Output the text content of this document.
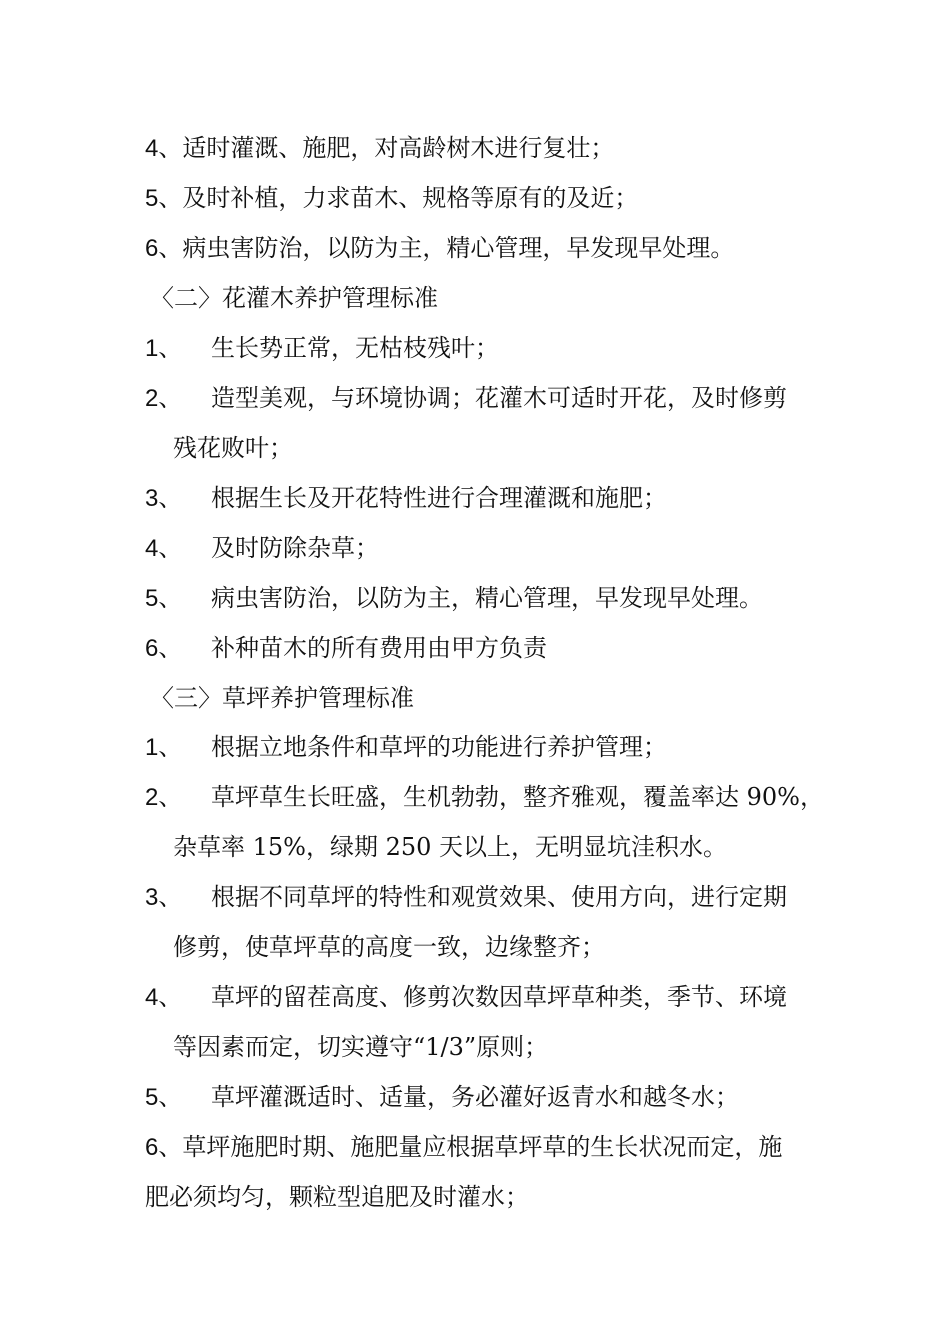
4、适时灌溉、施肥，对高龄树木进行复壮；
5、及时补植，力求苗木、规格等原有的及近；
6、病虫害防治，以防为主，精心管理，早发现早处理。
〈二〉花灌木养护管理标准
1、 生长势正常，无枯枝残叶；
2、 造型美观，与环境协调；花灌木可适时开花，及时修剪
残花败叶；
3、 根据生长及开花特性进行合理灌溉和施肥；
4、 及时防除杂草；
5、 病虫害防治，以防为主，精心管理，早发现早处理。
6、 补种苗木的所有费用由甲方负责
〈三〉草坪养护管理标准
1、 根据立地条件和草坪的功能进行养护管理；
2、 草坪草生长旺盛，生机勃勃，整齐雅观，覆盖率达 90%，
杂草率 15%，绿期 250 天以上，无明显坑洼积水。
3、 根据不同草坪的特性和观赏效果、使用方向，进行定期
修剪，使草坪草的高度一致，边缘整齐；
4、 草坪的留茬高度、修剪次数因草坪草种类，季节、环境
等因素而定，切实遵守“1/3”原则；
5、 草坪灌溉适时、适量，务必灌好返青水和越冬水；
6、草坪施肥时期、施肥量应根据草坪草的生长状况而定，施
肥必须均匀，颗粒型追肥及时灌水；
